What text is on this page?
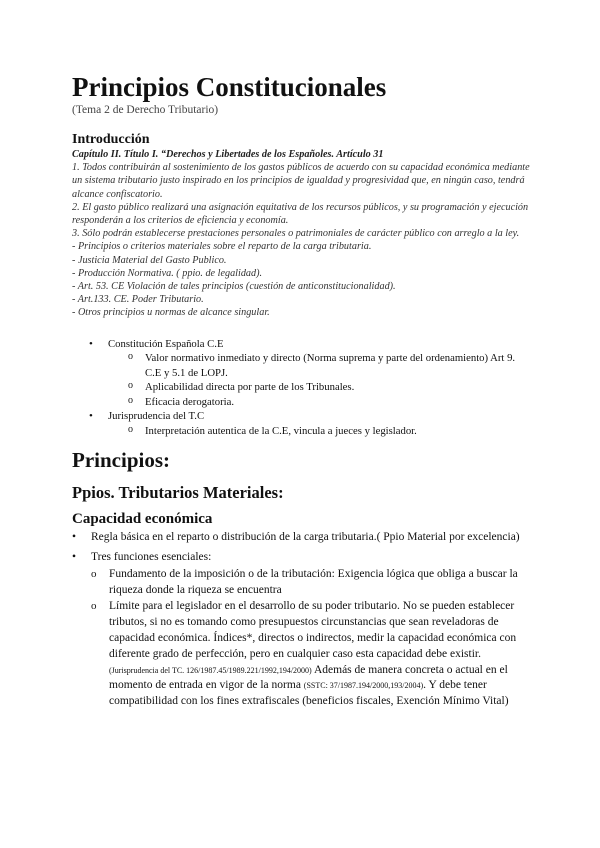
Principios Constitucionales
(Tema 2 de Derecho Tributario)
Introducción
Capítulo II. Título I. “Derechos y Libertades de los Españoles. Artículo 31
1. Todos contribuirán al sostenimiento de los gastos públicos de acuerdo con su capacidad económica mediante un sistema tributario justo inspirado en los principios de igualdad y progresividad que, en ningún caso, tendrá alcance confiscatorio.
2. El gasto público realizará una asignación equitativa de los recursos públicos, y su programación y ejecución responderán a los criterios de eficiencia y economía.
3. Sólo podrán establecerse prestaciones personales o patrimoniales de carácter público con arreglo a la ley.
- Principios o criterios materiales sobre el reparto de la carga tributaria.
- Justicia Material del Gasto Publico.
- Producción Normativa. ( ppio. de legalidad).
- Art. 53. CE Violación de tales principios (cuestión de anticonstitucionalidad).
- Art.133. CE. Poder Tributario.
- Otros principios u normas de alcance singular.
• Constitución Española C.E
o Valor normativo inmediato y directo (Norma suprema y parte del ordenamiento) Art 9. C.E y 5.1 de LOPJ.
o Aplicabilidad directa por parte de los Tribunales.
o Eficacia derogatoria.
• Jurisprudencia del T.C
o Interpretación autentica de la C.E, vincula a jueces y legislador.
Principios:
Ppios. Tributarios Materiales:
Capacidad económica
• Regla básica en el reparto o distribución de la carga tributaria.( Ppio Material por excelencia)
• Tres funciones esenciales:
o Fundamento de la imposición o de la tributación: Exigencia lógica que obliga a buscar la riqueza donde la riqueza se encuentra
o Límite para el legislador en el desarrollo de su poder tributario. No se pueden establecer tributos, si no es tomando como presupuestos circunstancias que sean reveladoras de capacidad económica. Índices*, directos o indirectos, medir la capacidad económica con diferente grado de perfección, pero en cualquier caso esta capacidad debe existir. (Jurisprudencia del TC. 126/1987.45/1989.221/1992,194/2000) Además de manera concreta o actual en el momento de entrada en vigor de la norma (SSTC: 37/1987.194/2000,193/2004). Y debe tener compatibilidad con los fines extrafiscales (beneficios fiscales, Exención Mínimo Vital)
